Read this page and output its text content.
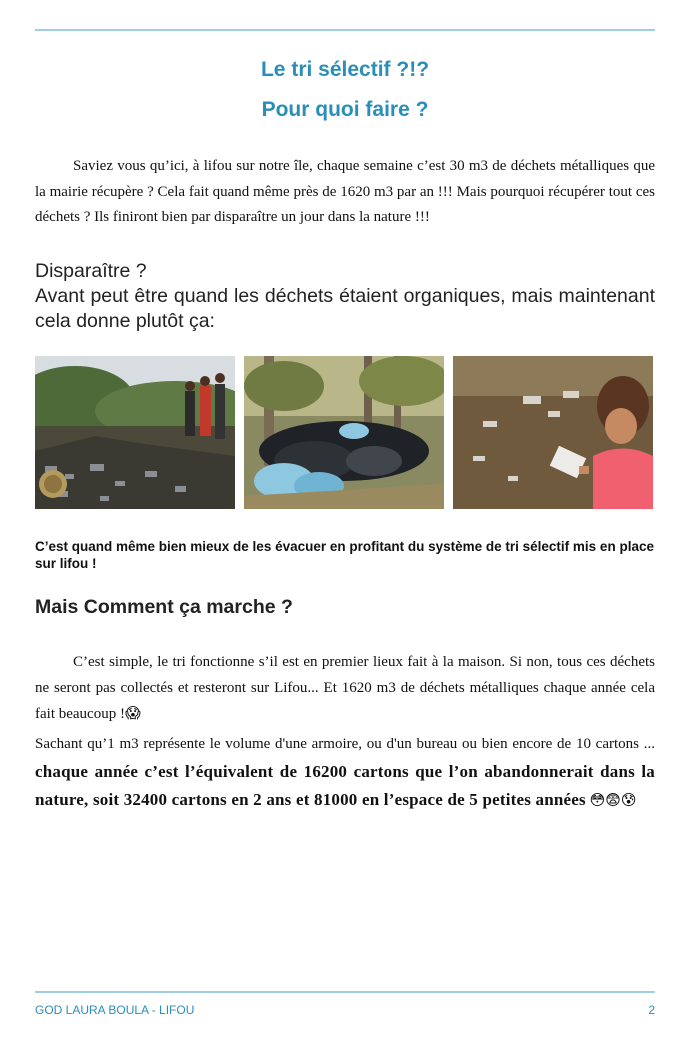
Le tri sélectif ?!?
Pour quoi faire ?

Saviez vous qu’ici, à lifou sur notre île, chaque semaine c’est 30 m3 de déchets métalliques que la mairie récupère ? Cela fait quand même près de 1620 m3 par an !!! Mais pourquoi récupérer tout ces déchets ? Ils finiront bien par disparaître un jour dans la nature !!!

Disparaître ?
Avant peut être quand les déchets étaient organiques, mais maintenant cela donne plutôt ça:

C’est quand même bien mieux de les évacuer en profitant du système de tri sélectif mis en place sur lifou !

Mais Comment ça marche ?

C’est simple, le tri fonctionne s’il est en premier lieux fait à la maison. Si non, tous ces déchets ne seront pas collectés et resteront sur Lifou... Et 1620 m3 de déchets métalliques chaque année cela fait beaucoup !😱

Sachant qu’1 m3 représente le volume d'une armoire, ou d'un bureau ou bien encore de 10 cartons ... chaque année c’est l’équivalent de 16200 cartons que l’on abandonnerait dans la nature, soit 32400 cartons en 2 ans et 81000 en l’espace de 5 petites années 😳😨😰

GOD LAURA BOULA - LIFOU	2
